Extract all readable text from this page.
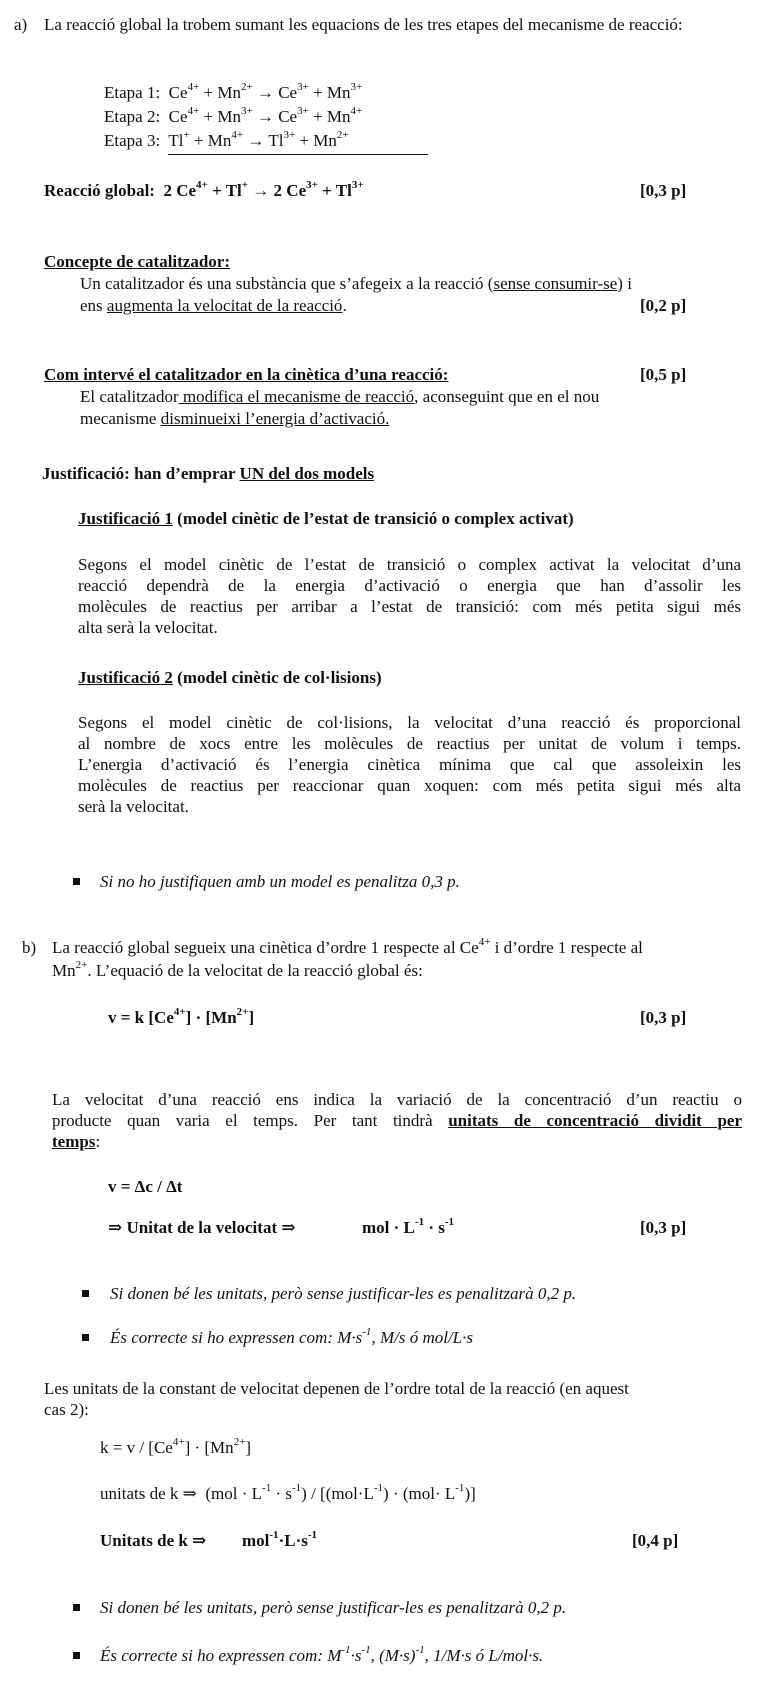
a) La reacció global la trobem sumant les equacions de les tres etapes del mecanisme de reacció:
Etapa 1: $Ce^{4+} + Mn^{2+} \to Ce^{3+} + Mn^{3+}$
Etapa 2: $Ce^{4+} + Mn^{3+} \to Ce^{3+} + Mn^{4+}$
Etapa 3: $Tl^+ + Mn^{4+} \to Tl^{3+} + Mn^{2+}$
Reacció global: 2 $Ce^{4+} + Tl^+ \to 2$ $Ce^{3+} + Tl^{3+}$	[0,3 p]
Concepte de catalitzador:
Un catalitzador és una substància que s’afegeix a la reacció (sense consumir-se) i
ens augmenta la velocitat de la reacció.	[0,2 p]
Com intervé el catalitzador en la cinètica d’una reacció:	[0,5 p]
El catalitzador modifica el mecanisme de reacció, aconseguint que en el nou
mecanisme disminueixi l’energia d’activació.
Justificació: han d’emprar UN del dos models
Justificació 1 (model cinètic de l’estat de transició o complex activat)
Segons el model cinètic de l’estat de transició o complex activat la velocitat d’una
reacció dependrà de la energia d’activació o energia que han d’assolir les
molècules de reactius per arribar a l’estat de transició: com més petita sigui més
alta serà la velocitat.
Justificació 2 (model cinètic de col·lisions)
Segons el model cinètic de col·lisions, la velocitat d’una reacció és proporcional
al nombre de xocs entre les molècules de reactius per unitat de volum i temps.
L’energia d’activació és l’energia cinètica mínima que cal que assoleixin les
molècules de reactius per reaccionar quan xoquen: com més petita sigui més alta
serà la velocitat.
Si no ho justifiquen amb un model es penalitza 0,3 p.
b) La reacció global segueix una cinètica d’ordre 1 respecte al $Ce^{4+}$ i d’ordre 1 respecte al
$Mn^{2+}$. L’equació de la velocitat de la reacció global és:
v = k $[Ce^{4+}] \cdot [Mn^{2+}]$	[0,3 p]
La velocitat d’una reacció ens indica la variació de la concentració d’un reactiu o
producte quan varia el temps. Per tant tindrà unitats de concentració dividit per
temps:
v = Δc / Δt
⇒ Unitat de la velocitat ⇒	mol · $L^{-1} \cdot s^{-1}$	[0,3 p]
Si donen bé les unitats, però sense justificar-les es penalitzarà 0,2 p.
És correcte si ho expressen com: $M\cdot s^{-1}$, M/s ó mol/L·s
Les unitats de la constant de velocitat depenen de l’ordre total de la reacció (en aquest
cas 2):
$k = v / [Ce^{4+}] \cdot [Mn^{2+}]$
unitats de k ⇒ $(mol \cdot L^{-1} \cdot s^{-1}) / [(mol\cdot L^{-1}) \cdot (mol\cdot L^{-1})]$
Unitats de k ⇒ $mol^{-1}\cdot L\cdot s^{-1}$	[0,4 p]
Si donen bé les unitats, però sense justificar-les es penalitzarà 0,2 p.
És correcte si ho expressen com: $M^{-1}\cdot s^{-1}$, $(M\cdot s)^{-1}$, 1/M·s ó L/mol·s.
